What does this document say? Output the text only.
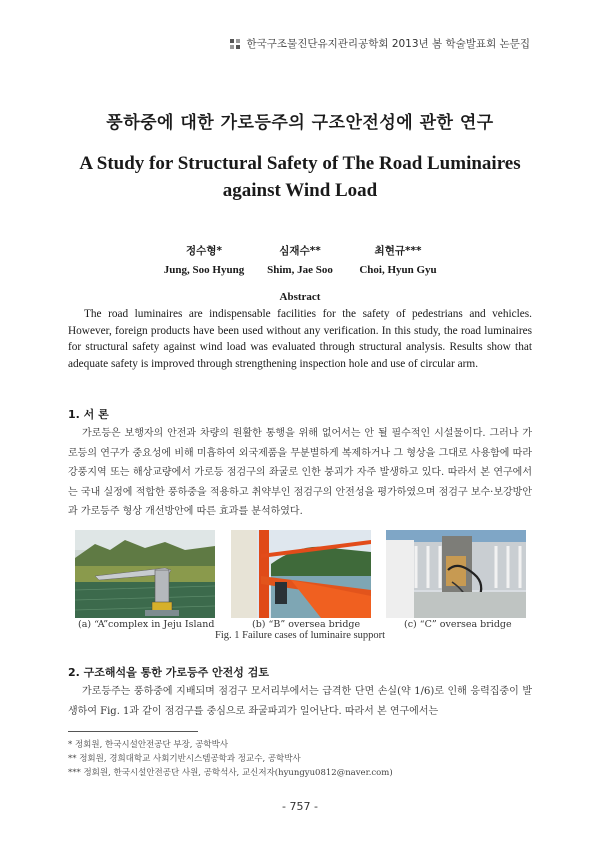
한국구조물진단유지관리공학회 2013년 봄 학술발표회 논문집
풍하중에 대한 가로등주의 구조안전성에 관한 연구
A Study for Structural Safety of The Road Luminaires
against Wind Load
정수형*
Jung, Soo Hyung
심재수**
Shim, Jae Soo
최현규***
Choi, Hyun Gyu
Abstract
The road luminaires are indispensable facilities for the safety of pedestrians and vehicles. However, foreign products have been used without any verification. In this study, the road luminaires for structural safety against wind load was evaluated through structural analysis. Results show that adequate safety is improved through strengthening inspection hole and use of circular arm.
1. 서 론
가로등은 보행자의 안전과 차량의 원활한 통행을 위해 없어서는 안 될 필수적인 시설물이다. 그러나 가로등의 연구가 중요성에 비해 미흡하여 외국제품을 무분별하게 복제하거나 그 형상을 그대로 사용함에 따라 강풍지역 또는 해상교량에서 가로등 점검구의 좌굴로 인한 붕괴가 자주 발생하고 있다. 따라서 본 연구에서는 국내 실정에 적합한 풍하중을 적용하고 취약부인 점검구의 안전성을 평가하였으며 점검구 보수·보강방안과 가로등주 형상 개선방안에 따른 효과를 분석하였다.
(a) “A”complex in Jeju Island	(b) “B” oversea bridge	(c) “C” oversea bridge
Fig. 1 Failure cases of luminaire support
2. 구조해석을 통한 가로등주 안전성 검토
가로등주는 풍하중에 지배되며 점검구 모서리부에서는 급격한 단면 손실(약 1/6)로 인해 응력집중이 발생하여 Fig. 1과 같이 점검구를 중심으로 좌굴파괴가 일어난다. 따라서 본 연구에서는
* 정회원, 한국시설안전공단 부장, 공학박사
** 정회원, 경희대학교 사회기반시스템공학과 정교수, 공학박사
*** 정회원, 한국시설안전공단 사원, 공학석사, 교신저자(hyungyu0812@naver.com)
- 757 -
